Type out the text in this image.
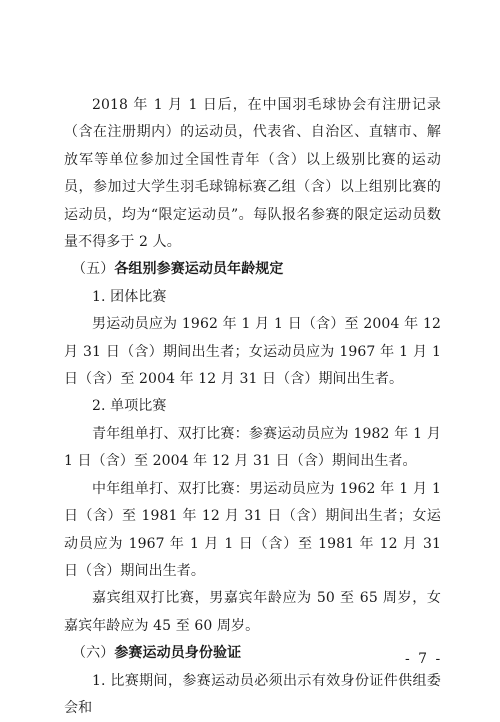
2018 年 1 月 1 日后，在中国羽毛球协会有注册记录（含在注册期内）的运动员，代表省、自治区、直辖市、解放军等单位参加过全国性青年（含）以上级别比赛的运动员，参加过大学生羽毛球锦标赛乙组（含）以上组别比赛的运动员，均为“限定运动员”。每队报名参赛的限定运动员数量不得多于 2 人。

（五）各组别参赛运动员年龄规定

1. 团体比赛

男运动员应为 1962 年 1 月 1 日（含）至 2004 年 12 月 31 日（含）期间出生者；女运动员应为 1967 年 1 月 1 日（含）至 2004 年 12 月 31 日（含）期间出生者。

2. 单项比赛

青年组单打、双打比赛：参赛运动员应为 1982 年 1 月 1 日（含）至 2004 年 12 月 31 日（含）期间出生者。

中年组单打、双打比赛：男运动员应为 1962 年 1 月 1 日（含）至 1981 年 12 月 31 日（含）期间出生者；女运动员应为 1967 年 1 月 1 日（含）至 1981 年 12 月 31 日（含）期间出生者。

嘉宾组双打比赛，男嘉宾年龄应为 50 至 65 周岁，女嘉宾年龄应为 45 至 60 周岁。

（六）参赛运动员身份验证

1. 比赛期间，参赛运动员必须出示有效身份证件供组委会和

- 7 -
